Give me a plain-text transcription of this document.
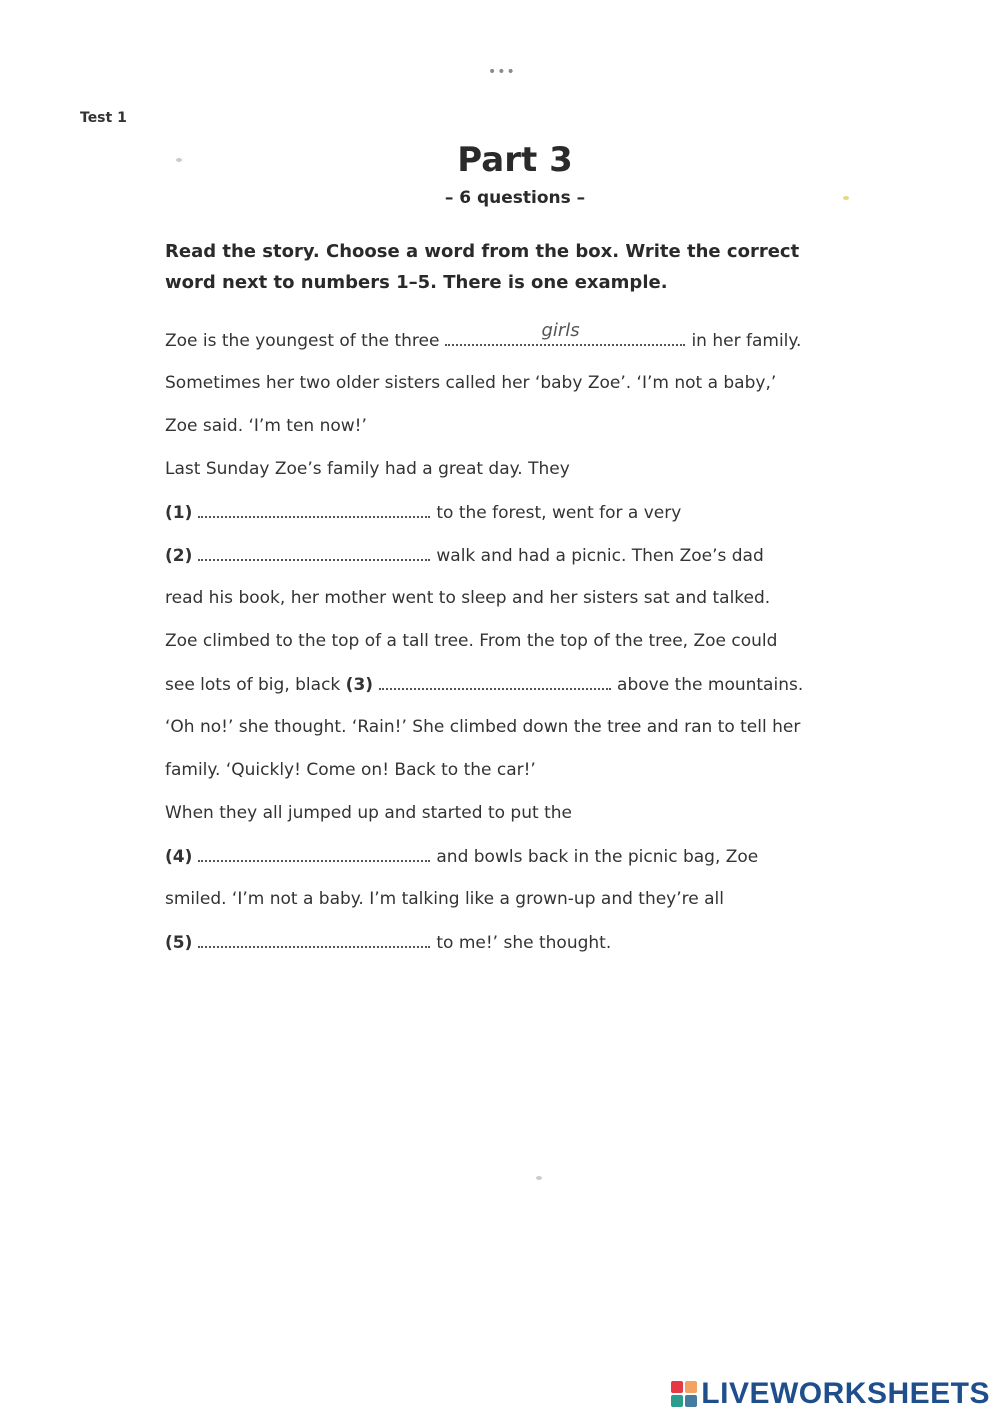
•••
Test 1
Part 3
– 6 questions –
Read the story. Choose a word from the box. Write the correct
word next to numbers 1–5. There is one example.
Zoe is the youngest of the three	girls	in her family.
Sometimes her two older sisters called her ‘baby Zoe’. ‘I’m not a baby,’
Zoe said. ‘I’m ten now!’
Last Sunday Zoe’s family had a great day. They
(1)	to the forest, went for a very
(2)	walk and had a picnic. Then Zoe’s dad
read his book, her mother went to sleep and her sisters sat and talked.
Zoe climbed to the top of a tall tree. From the top of the tree, Zoe could
see lots of big, black (3)	above the mountains.
‘Oh no!’ she thought. ‘Rain!’ She climbed down the tree and ran to tell her
family. ‘Quickly! Come on! Back to the car!’
When they all jumped up and started to put the
(4)	and bowls back in the picnic bag, Zoe
smiled. ‘I’m not a baby. I’m talking like a grown-up and they’re all
(5)	to me!’ she thought.
LIVEWORKSHEETS
